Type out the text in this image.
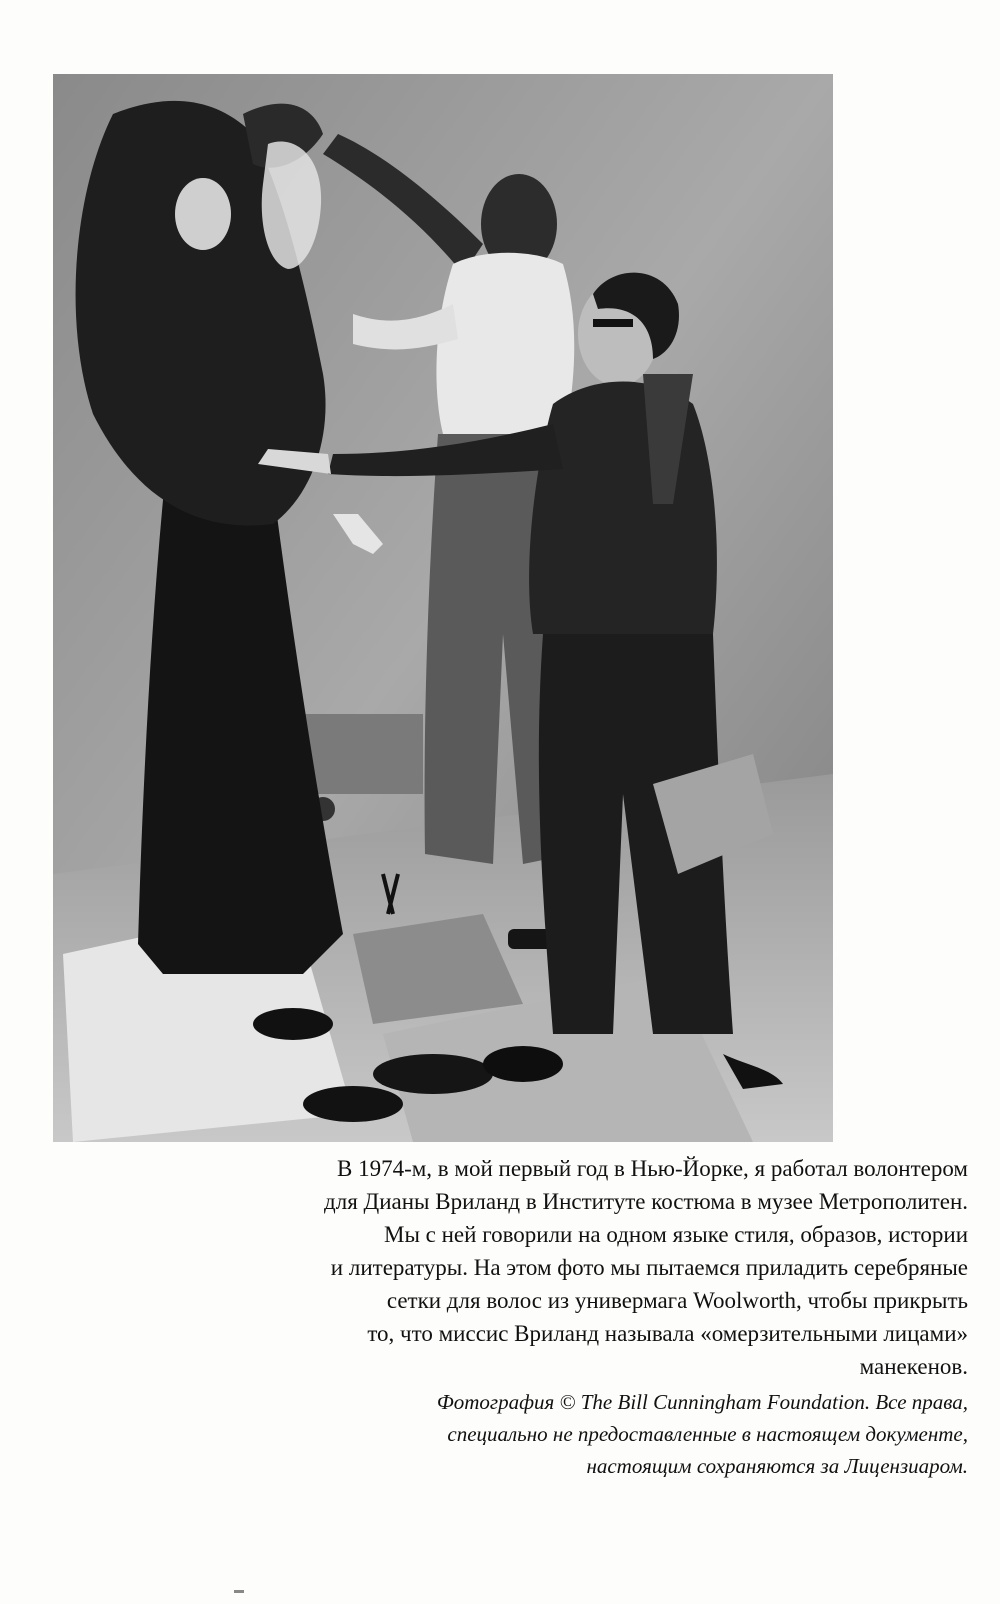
В 1974-м, в мой первый год в Нью-Йорке, я работал волонтером
для Дианы Вриланд в Институте костюма в музее Метрополитен.
Мы с ней говорили на одном языке стиля, образов, истории
и литературы. На этом фото мы пытаемся приладить серебряные
сетки для волос из универмага Woolworth, чтобы прикрыть
то, что миссис Вриланд называла «омерзительными лицами»
манекенов.
Фотография © The Bill Cunningham Foundation. Все права,
специально не предоставленные в настоящем документе,
настоящим сохраняются за Лицензиаром.
